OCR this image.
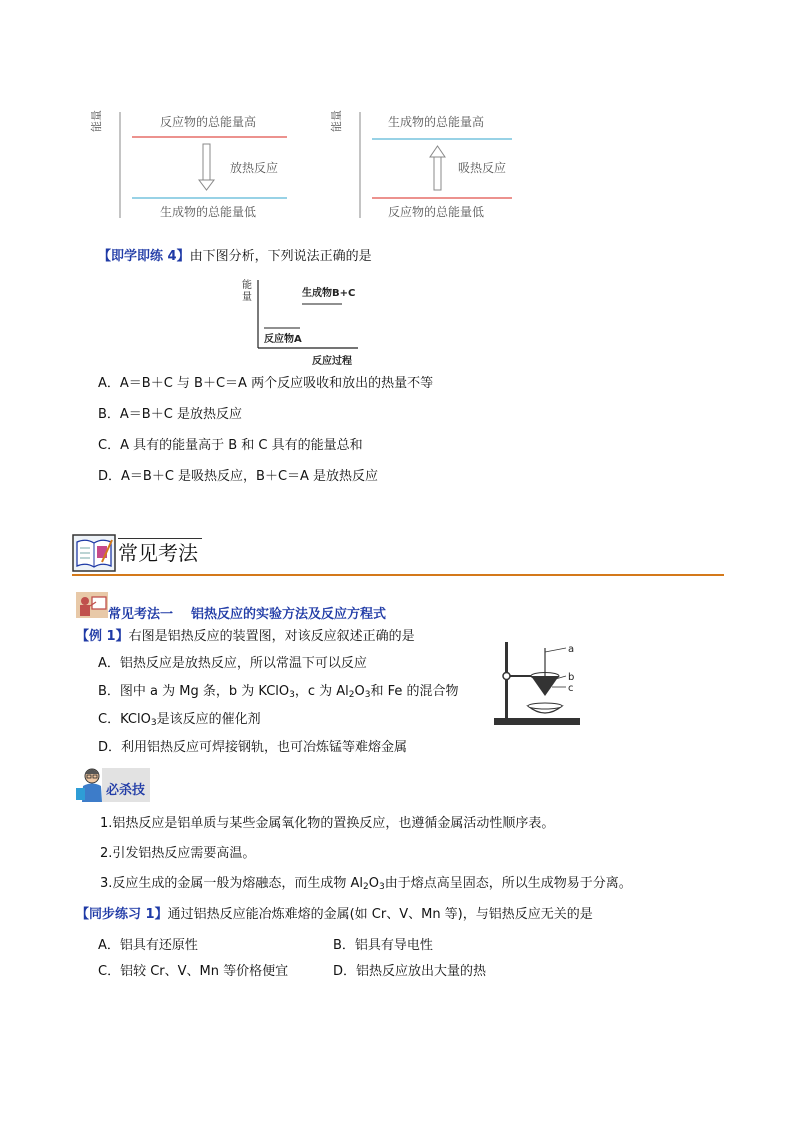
能量	反应物的总能量高
放热反应
生成物的总能量低
能量	生成物的总能量高
吸热反应
反应物的总能量低
【即学即练 4】由下图分析，下列说法正确的是
能
量	生成物B+C
反应物A
反应过程
A．A＝B＋C 与 B＋C＝A 两个反应吸收和放出的热量不等
B．A＝B＋C 是放热反应
C．A 具有的能量高于 B 和 C 具有的能量总和
D．A＝B＋C 是吸热反应，B＋C＝A 是放热反应
常见考法
常见考法一 铝热反应的实验方法及反应方程式
【例 1】右图是铝热反应的装置图，对该反应叙述正确的是
A．铝热反应是放热反应，所以常温下可以反应
B．图中 a 为 Mg 条，b 为 KClO$_3$，c 为 $Al_2O_3$和 Fe 的混合物
C．KClO$_3$是该反应的催化剂
D．利用铝热反应可焊接钢轨，也可冶炼锰等难熔金属
a
b
c
必杀技
1.铝热反应是铝单质与某些金属氧化物的置换反应，也遵循金属活动性顺序表。
2.引发铝热反应需要高温。
3.反应生成的金属一般为熔融态，而生成物 $Al_2O_3$由于熔点高呈固态，所以生成物易于分离。
【同步练习 1】通过铝热反应能冶炼难熔的金属(如 Cr、V、Mn 等)，与铝热反应无关的是
A．铝具有还原性	B．铝具有导电性
C．铝较 Cr、V、Mn 等价格便宜	D．铝热反应放出大量的热
